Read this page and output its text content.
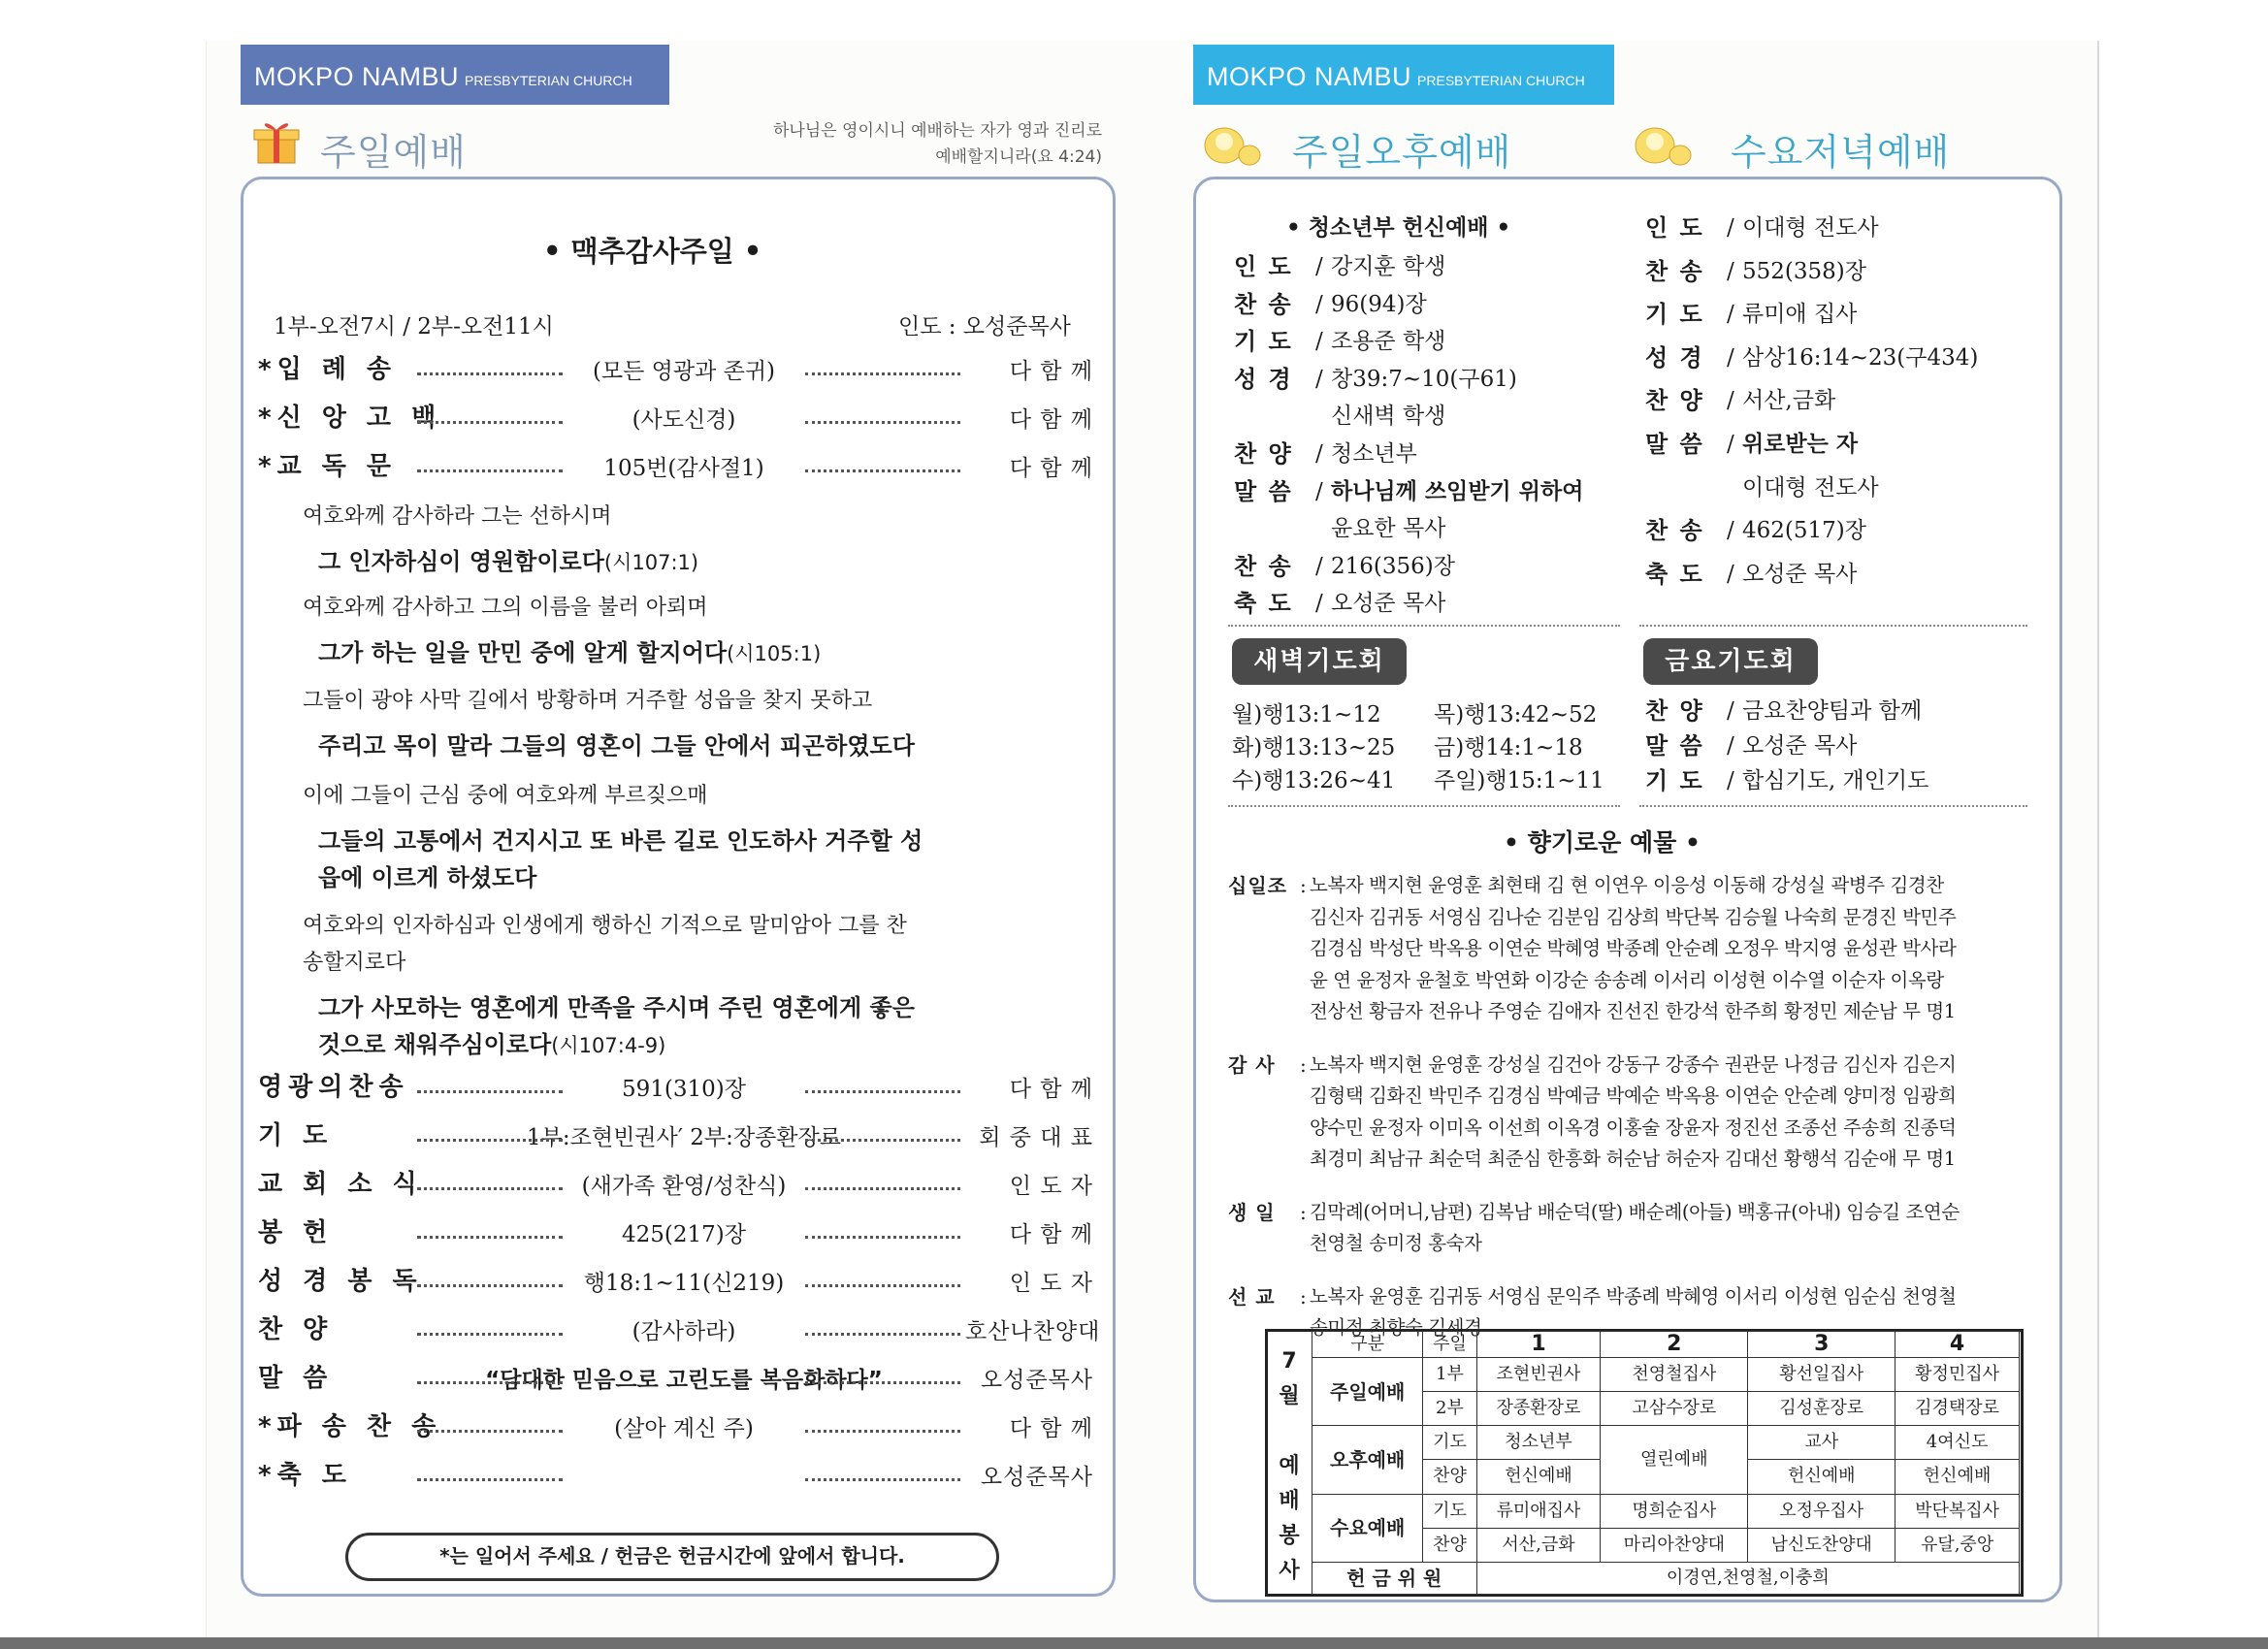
MOKPO NAMBU PRESBYTERIAN CHURCH
주일예배	하나님은 영이시니 예배하는 자가 영과 진리로
예배할지니라(요 4:24)
• 맥추감사주일 •
1부-오전7시 / 2부-오전11시	인도 : 오성준목사
*입 례 송	(모든 영광과 존귀)	다 함 께
*신 앙 고 백	(사도신경)	다 함 께
*교 독 문	105번(감사절1)	다 함 께
여호와께 감사하라 그는 선하시며
그 인자하심이 영원함이로다(시107:1)
여호와께 감사하고 그의 이름을 불러 아뢰며
그가 하는 일을 만민 중에 알게 할지어다(시105:1)
그들이 광야 사막 길에서 방황하며 거주할 성읍을 찾지 못하고
주리고 목이 말라 그들의 영혼이 그들 안에서 피곤하였도다
이에 그들이 근심 중에 여호와께 부르짖으매
그들의 고통에서 건지시고 또 바른 길로 인도하사 거주할 성
읍에 이르게 하셨도다
여호와의 인자하심과 인생에게 행하신 기적으로 말미암아 그를 찬
송할지로다
그가 사모하는 영혼에게 만족을 주시며 주린 영혼에게 좋은
것으로 채워주심이로다(시107:4-9)
영광의찬송	591(310)장	다 함 께
기 도	1부:조현빈권사′ 2부:장종환장로	회 중 대 표
교 회 소 식	(새가족 환영/성찬식)	인 도 자
봉 헌	425(217)장	다 함 께
성 경 봉 독	행18:1~11(신219)	인 도 자
찬 양	(감사하라)	호산나찬양대
말 씀	“담대한 믿음으로 고린도를 복음화하다”	오성준목사
*파 송 찬 송	(살아 계신 주)	다 함 께
*축 도	오성준목사
*는 일어서 주세요 / 헌금은 헌금시간에 앞에서 합니다.
MOKPO NAMBU PRESBYTERIAN CHURCH
주일오후예배	수요저녁예배
• 청소년부 헌신예배 •
인 도 / 강지훈 학생
찬 송 / 96(94)장
기 도 / 조용준 학생
성 경 / 창39:7~10(구61)
신새벽 학생
찬 양 / 청소년부
말 씀 / 하나님께 쓰임받기 위하여
윤요한 목사
찬 송 / 216(356)장
축 도 / 오성준 목사
인 도 / 이대형 전도사
찬 송 / 552(358)장
기 도 / 류미애 집사
성 경 / 삼상16:14~23(구434)
찬 양 / 서산,금화
말 씀 / 위로받는 자
이대형 전도사
찬 송 / 462(517)장
축 도 / 오성준 목사
새벽기도회	금요기도회
월)행13:1~12 목)행13:42~52
화)행13:13~25 금)행14:1~18
수)행13:26~41 주일)행15:1~11
찬 양 / 금요찬양팀과 함께
말 씀 / 오성준 목사
기 도 / 합심기도, 개인기도
• 향기로운 예물 •
십일조 : 노복자 백지현 윤영훈 최현태 김 현 이연우 이응성 이동해 강성실 곽병주 김경찬
김신자 김귀동 서영심 김나순 김분임 김상희 박단복 김승월 나숙희 문경진 박민주
김경심 박성단 박옥용 이연순 박혜영 박종례 안순례 오정우 박지영 윤성관 박사라
윤 연 윤정자 윤철호 박연화 이강순 송송례 이서리 이성현 이수열 이순자 이옥랑
전상선 황금자 전유나 주영순 김애자 진선진 한강석 한주희 황정민 제순남 무 명1
감 사 : 노복자 백지현 윤영훈 강성실 김건아 강동구 강종수 권관문 나정금 김신자 김은지
김형택 김화진 박민주 김경심 박예금 박예순 박옥용 이연순 안순례 양미정 임광희
양수민 윤정자 이미옥 이선희 이옥경 이홍술 장윤자 정진선 조종선 주송희 진종덕
최경미 최남규 최순덕 최준심 한흥화 허순남 허순자 김대선 황행석 김순애 무 명1
생 일 : 김막례(어머니,남편) 김복남 배순덕(딸) 배순례(아들) 백홍규(아내) 임승길 조연순
천영철 송미정 홍숙자
선 교 : 노복자 윤영훈 김귀동 서영심 문익주 박종례 박혜영 이서리 이성현 임순심 천영철
송미정 최향숙 김세경
7
월
예
배
봉
사
구분	주일	1	2	3	4
주일예배	1부	조현빈권사	천영철집사	황선일집사	황정민집사
	2부	장종환장로	고삼수장로	김성훈장로	김경택장로
오후예배	기도	청소년부	열린예배	교사	4여신도
	찬양	헌신예배		헌신예배	헌신예배
수요예배	기도	류미애집사	명희순집사	오정우집사	박단복집사
	찬양	서산,금화	마리아찬양대	남신도찬양대	유달,중앙
헌 금 위 원		이경연,천영철,이충희			
